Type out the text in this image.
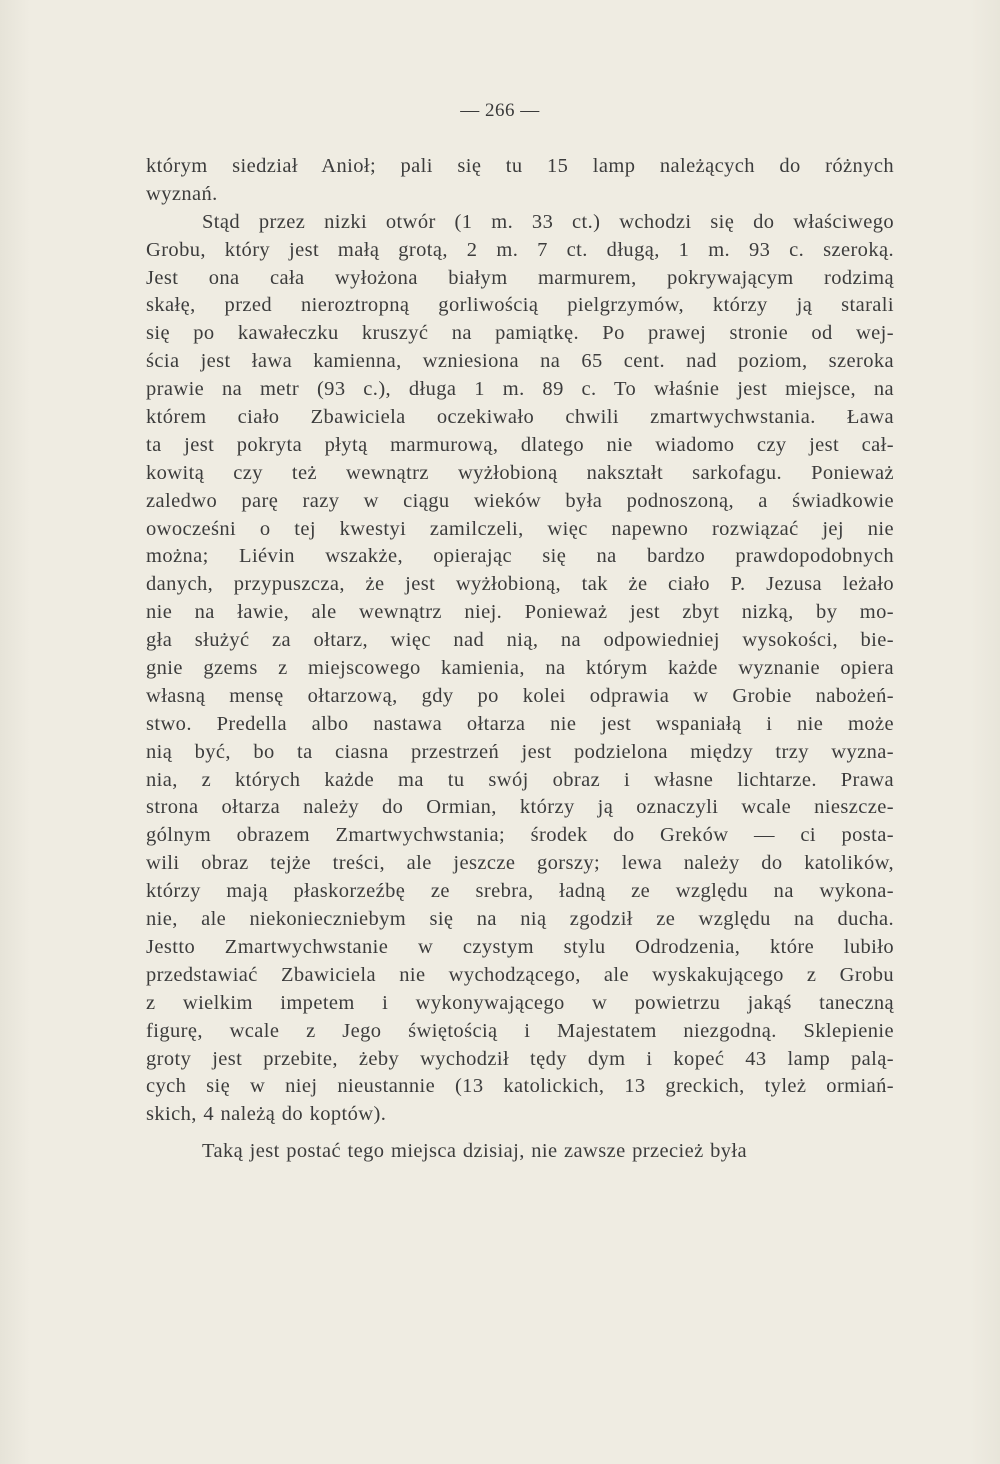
— 266 —
którym siedział Anioł; pali się tu 15 lamp należących do różnych
wyznań.
Stąd przez nizki otwór (1 m. 33 ct.) wchodzi się do właściwego
Grobu, który jest małą grotą, 2 m. 7 ct. długą, 1 m. 93 c. szeroką.
Jest ona cała wyłożona białym marmurem, pokrywającym rodzimą
skałę, przed nieroztropną gorliwością pielgrzymów, którzy ją starali
się po kawałeczku kruszyć na pamiątkę. Po prawej stronie od wej-
ścia jest ława kamienna, wzniesiona na 65 cent. nad poziom, szeroka
prawie na metr (93 c.), długa 1 m. 89 c. To właśnie jest miejsce, na
którem ciało Zbawiciela oczekiwało chwili zmartwychwstania. Ława
ta jest pokryta płytą marmurową, dlatego nie wiadomo czy jest cał-
kowitą czy też wewnątrz wyżłobioną nakształt sarkofagu. Ponieważ
zaledwo parę razy w ciągu wieków była podnoszoną, a świadkowie
owocześni o tej kwestyi zamilczeli, więc napewno rozwiązać jej nie
można; Liévin wszakże, opierając się na bardzo prawdopodobnych
danych, przypuszcza, że jest wyżłobioną, tak że ciało P. Jezusa leżało
nie na ławie, ale wewnątrz niej. Ponieważ jest zbyt nizką, by mo-
gła służyć za ołtarz, więc nad nią, na odpowiedniej wysokości, bie-
gnie gzems z miejscowego kamienia, na którym każde wyznanie opiera
własną mensę ołtarzową, gdy po kolei odprawia w Grobie nabożeń-
stwo. Predella albo nastawa ołtarza nie jest wspaniałą i nie może
nią być, bo ta ciasna przestrzeń jest podzielona między trzy wyzna-
nia, z których każde ma tu swój obraz i własne lichtarze. Prawa
strona ołtarza należy do Ormian, którzy ją oznaczyli wcale nieszcze-
gólnym obrazem Zmartwychwstania; środek do Greków — ci posta-
wili obraz tejże treści, ale jeszcze gorszy; lewa należy do katolików,
którzy mają płaskorzeźbę ze srebra, ładną ze względu na wykona-
nie, ale niekonieczniebym się na nią zgodził ze względu na ducha.
Jestto Zmartwychwstanie w czystym stylu Odrodzenia, które lubiło
przedstawiać Zbawiciela nie wychodzącego, ale wyskakującego z Grobu
z wielkim impetem i wykonywającego w powietrzu jakąś taneczną
figurę, wcale z Jego świętością i Majestatem niezgodną. Sklepienie
groty jest przebite, żeby wychodził tędy dym i kopeć 43 lamp palą-
cych się w niej nieustannie (13 katolickich, 13 greckich, tyleż ormiań-
skich, 4 należą do koptów).
Taką jest postać tego miejsca dzisiaj, nie zawsze przecież była
